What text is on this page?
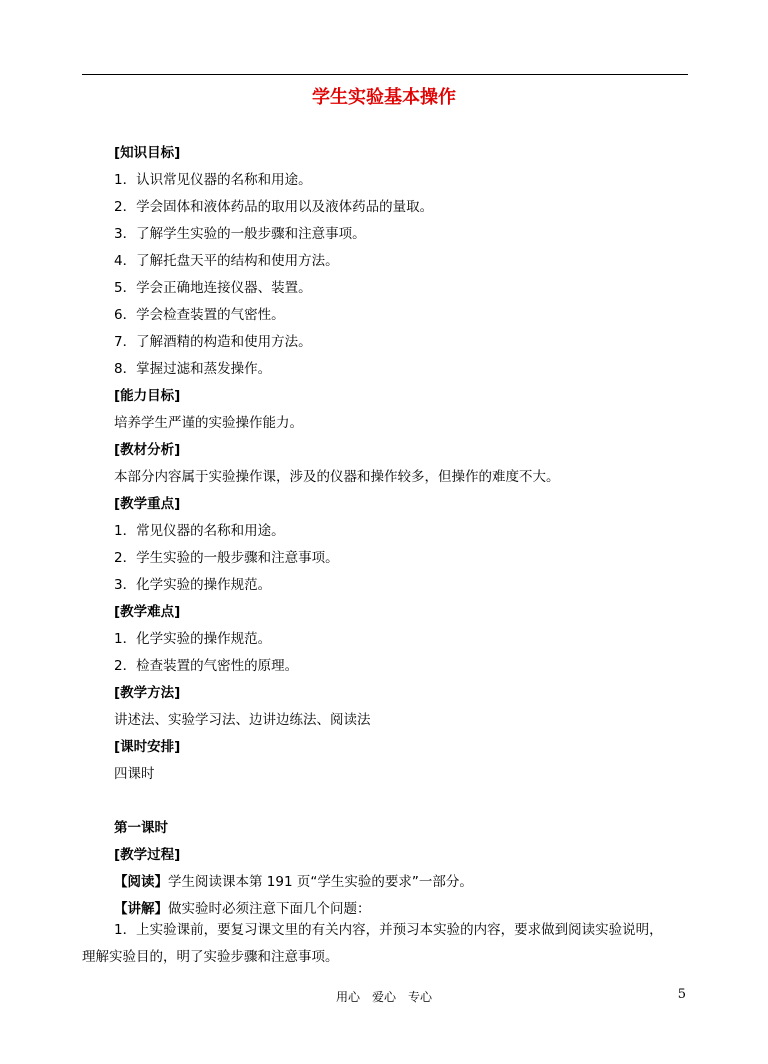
学生实验基本操作
[知识目标]
1．认识常见仪器的名称和用途。
2．学会固体和液体药品的取用以及液体药品的量取。
3．了解学生实验的一般步骤和注意事项。
4．了解托盘天平的结构和使用方法。
5．学会正确地连接仪器、装置。
6．学会检查装置的气密性。
7．了解酒精的构造和使用方法。
8．掌握过滤和蒸发操作。
[能力目标]
培养学生严谨的实验操作能力。
[教材分析]
本部分内容属于实验操作课，涉及的仪器和操作较多，但操作的难度不大。
[教学重点]
1．常见仪器的名称和用途。
2．学生实验的一般步骤和注意事项。
3．化学实验的操作规范。
[教学难点]
1．化学实验的操作规范。
2．检查装置的气密性的原理。
[教学方法]
讲述法、实验学习法、边讲边练法、阅读法
[课时安排]
四课时
第一课时
[教学过程]
【阅读】学生阅读课本第 191 页“学生实验的要求”一部分。
【讲解】做实验时必须注意下面几个问题：
1．上实验课前，要复习课文里的有关内容，并预习本实验的内容，要求做到阅读实验说明，
理解实验目的，明了实验步骤和注意事项。
用心　爱心　专心	5
